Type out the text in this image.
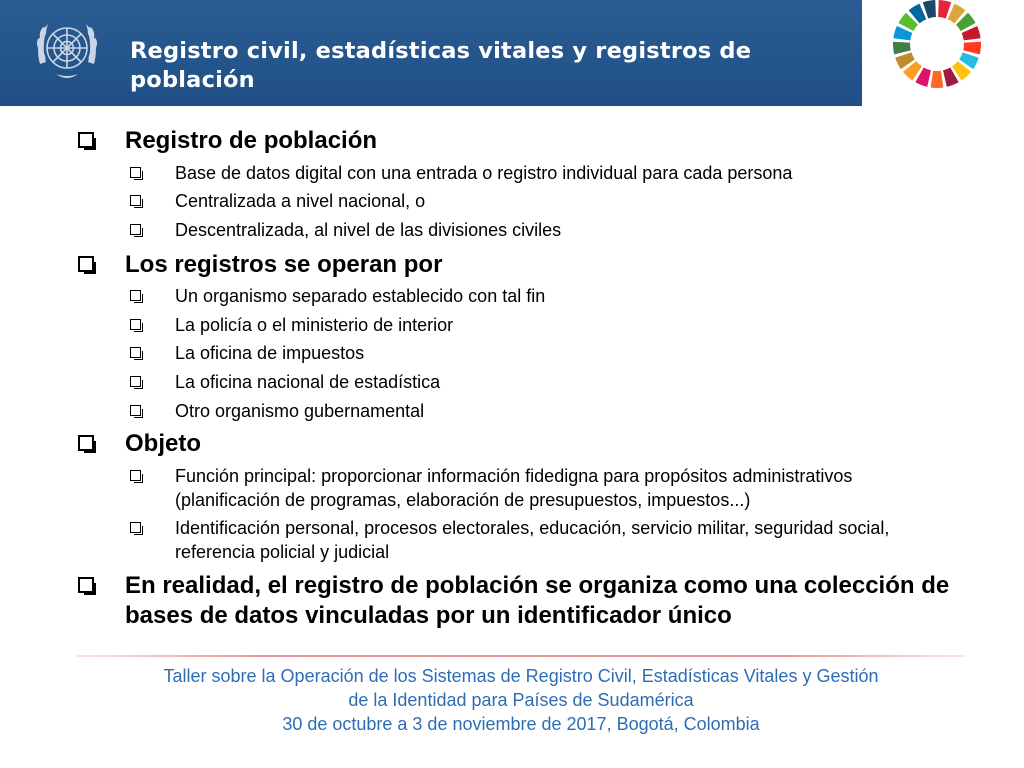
Registro civil, estadísticas vitales y registros de población
Registro de población
Base de datos digital con una entrada o registro individual para cada persona
Centralizada a nivel nacional, o
Descentralizada, al nivel de las divisiones civiles
Los registros se operan por
Un organismo separado establecido con tal fin
La policía o el ministerio de interior
La oficina de impuestos
La oficina nacional de estadística
Otro organismo gubernamental
Objeto
Función principal: proporcionar información fidedigna para propósitos administrativos (planificación de programas, elaboración de presupuestos, impuestos...)
Identificación personal, procesos electorales, educación, servicio militar, seguridad social, referencia policial y judicial
En realidad, el registro de población se organiza como una colección de bases de datos vinculadas por un identificador único
Taller sobre la Operación de los Sistemas de Registro Civil, Estadísticas Vitales y Gestión
de la Identidad para Países de Sudamérica
30 de octubre a 3 de noviembre de 2017, Bogotá, Colombia
